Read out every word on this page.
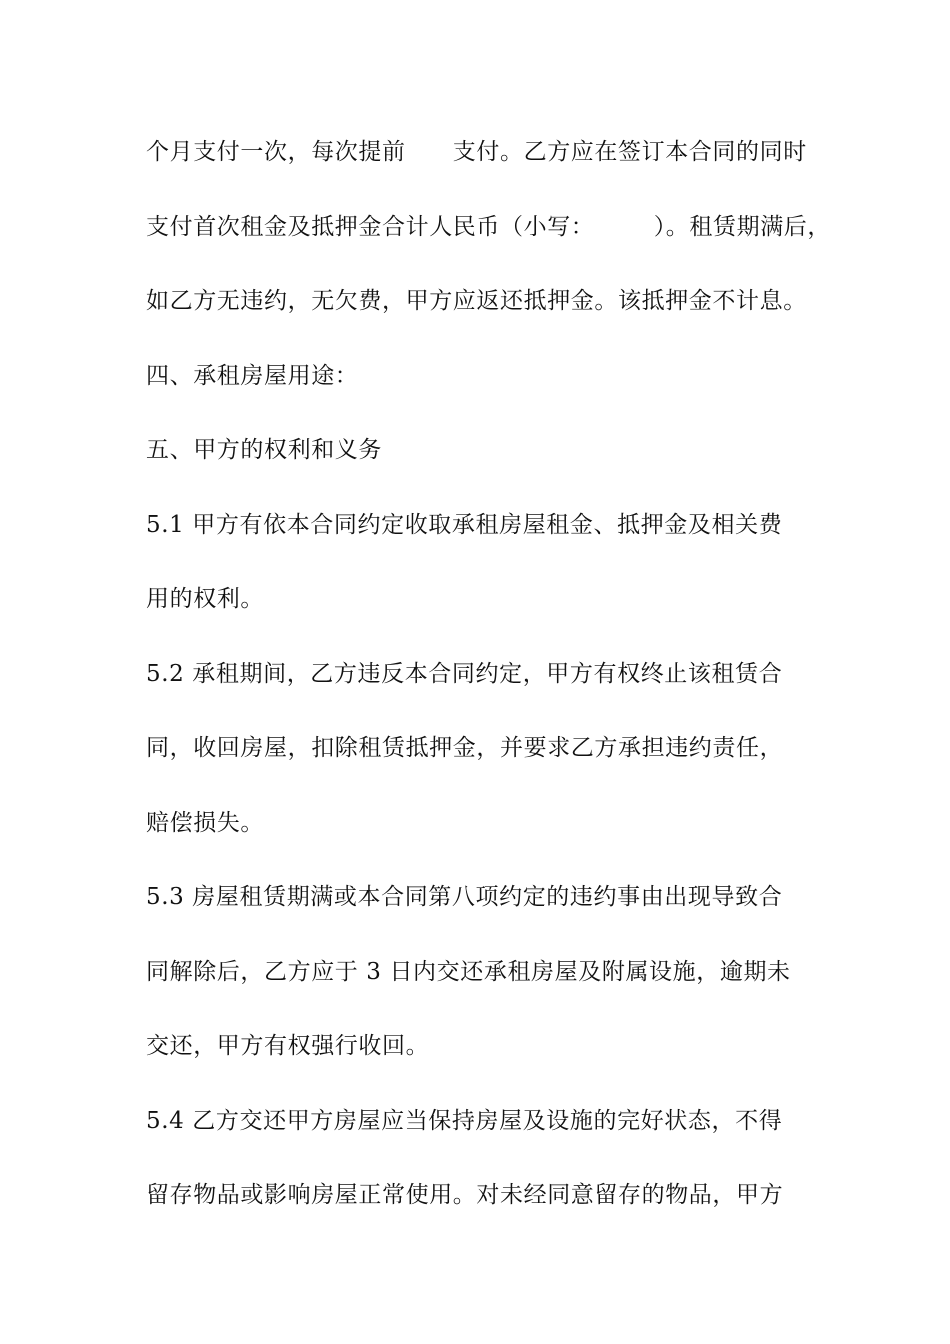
个月支付一次，每次提前　　支付。乙方应在签订本合同的同时
支付首次租金及抵押金合计人民币（小写：　　　）。租赁期满后，
如乙方无违约，无欠费，甲方应返还抵押金。该抵押金不计息。
四、承租房屋用途：
五、甲方的权利和义务
5.1 甲方有依本合同约定收取承租房屋租金、抵押金及相关费
用的权利。
5.2 承租期间，乙方违反本合同约定，甲方有权终止该租赁合
同，收回房屋，扣除租赁抵押金，并要求乙方承担违约责任，
赔偿损失。
5.3 房屋租赁期满或本合同第八项约定的违约事由出现导致合
同解除后，乙方应于 3 日内交还承租房屋及附属设施，逾期未
交还，甲方有权强行收回。
5.4 乙方交还甲方房屋应当保持房屋及设施的完好状态，不得
留存物品或影响房屋正常使用。对未经同意留存的物品，甲方
